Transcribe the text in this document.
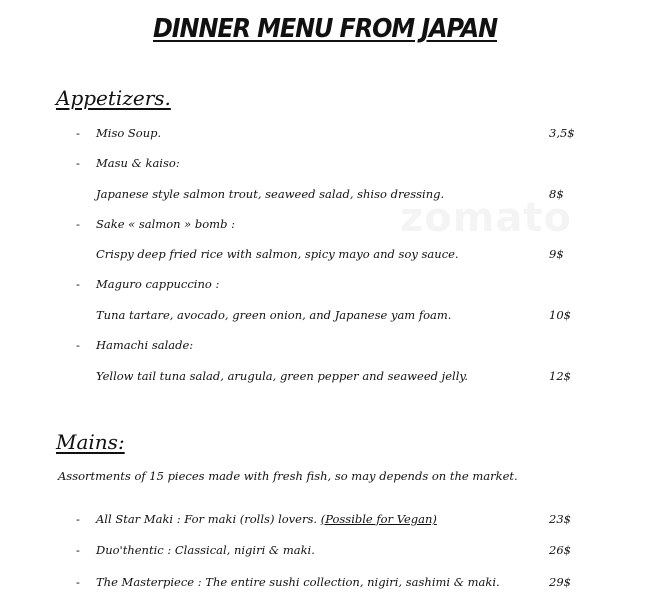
DINNER MENU FROM JAPAN
Appetizers.
- Miso Soup.	3,5$
- Masu & kaiso:
Japanese style salmon trout, seaweed salad, shiso dressing.	8$
- Sake « salmon » bomb :
Crispy deep fried rice with salmon, spicy mayo and soy sauce.	9$
- Maguro cappuccino :
Tuna tartare, avocado, green onion, and Japanese yam foam.	10$
- Hamachi salade:
Yellow tail tuna salad, arugula, green pepper and seaweed jelly.	12$
Mains:
Assortments of 15 pieces made with fresh fish, so may depends on the market.
- All Star Maki : For maki (rolls) lovers. (Possible for Vegan)	23$
- Duo'thentic : Classical, nigiri & maki.	26$
- The Masterpiece : The entire sushi collection, nigiri, sashimi & maki.	29$
